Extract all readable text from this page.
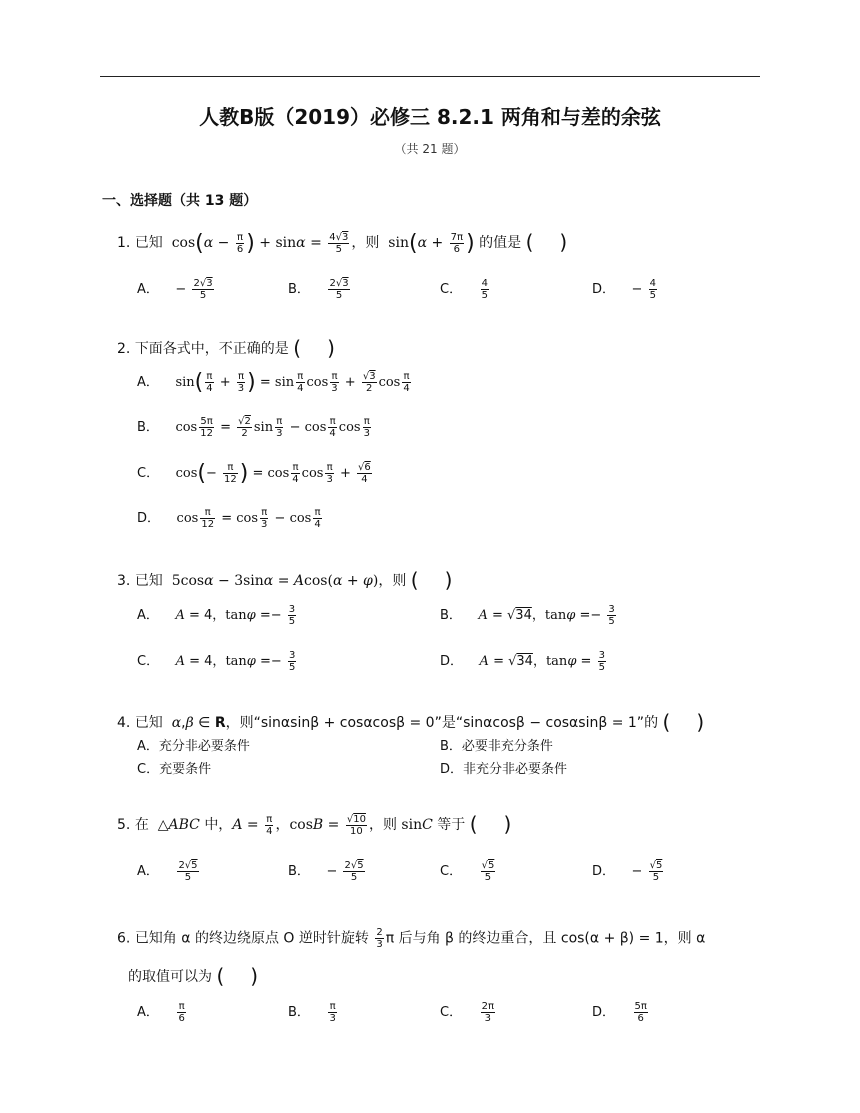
人教B版（2019）必修三 8.2.1 两角和与差的余弦
（共 21 题）
一、选择题（共 13 题）
1. 已知  $\cos(\alpha - \frac{\pi}{6}$ ) + $\sin\alpha = \frac{4√3}{5}$ ，则  $\sin(\alpha + \frac{7\pi}{6}$ ) 的值是 ( )
A．    − $\frac{2√3}{5}$	B． $\frac{2√3}{5}$	C． $\frac{4}{5}$	D．    − $\frac{4}{5}$
2. 下面各式中，不正确的是 ( )
A． $\sin( \frac{\pi}{4} + \frac{\pi}{3}$ ) = $\sin \frac{\pi}{4}$ $\cos \frac{\pi}{3} + \frac{√3}{2}$ $\cos \frac{\pi}{4}$
B． $\cos \frac{5\pi}{12} = \frac{√2}{2}$ $\sin \frac{\pi}{3} - \cos \frac{\pi}{4}$ $\cos \frac{\pi}{3}$
C． $\cos(- \frac{\pi}{12}$ ) = $\cos \frac{\pi}{4}$ $\cos \frac{\pi}{3} + \frac{√6}{4}$
D． $\cos \frac{\pi}{12} = \cos \frac{\pi}{3} - \cos \frac{\pi}{4}$
3. 已知  5cosα − 3sinα = Acos(α + φ)，则 ( )
A． A = 4，$\tan\varphi =- \frac{3}{5}$	B． A = √34，$\tan\varphi =- \frac{3}{5}$
C． A = 4，$\tan\varphi =- \frac{3}{5}$	D． A = √34，$\tan\varphi = \frac{3}{5}$
4. 已知  α,β ∈ R，则“sinαsinβ + cosαcosβ = 0”是“sinαcosβ − cosαsinβ = 1”的 ( )
A．充分非必要条件	B．必要非充分条件
C．充要条件	D．非充分非必要条件
5. 在  △ABC 中，$A = \frac{\pi}{4}$ ，$\cos B = \frac{√10}{10}$ ，则 sinC 等于 ( )
A． $\frac{2√5}{5}$	B．    − $\frac{2√5}{5}$	C． $\frac{√5}{5}$	D．    − $\frac{√5}{5}$
6. 已知角 α 的终边绕原点 O 逆时针旋转 $\frac{2}{3}$ π 后与角 β 的终边重合，且 cos(α + β) = 1，则 α
的取值可以为 ( )
A． $\frac{\pi}{6}$	B． $\frac{\pi}{3}$	C． $\frac{2\pi}{3}$	D． $\frac{5\pi}{6}$
